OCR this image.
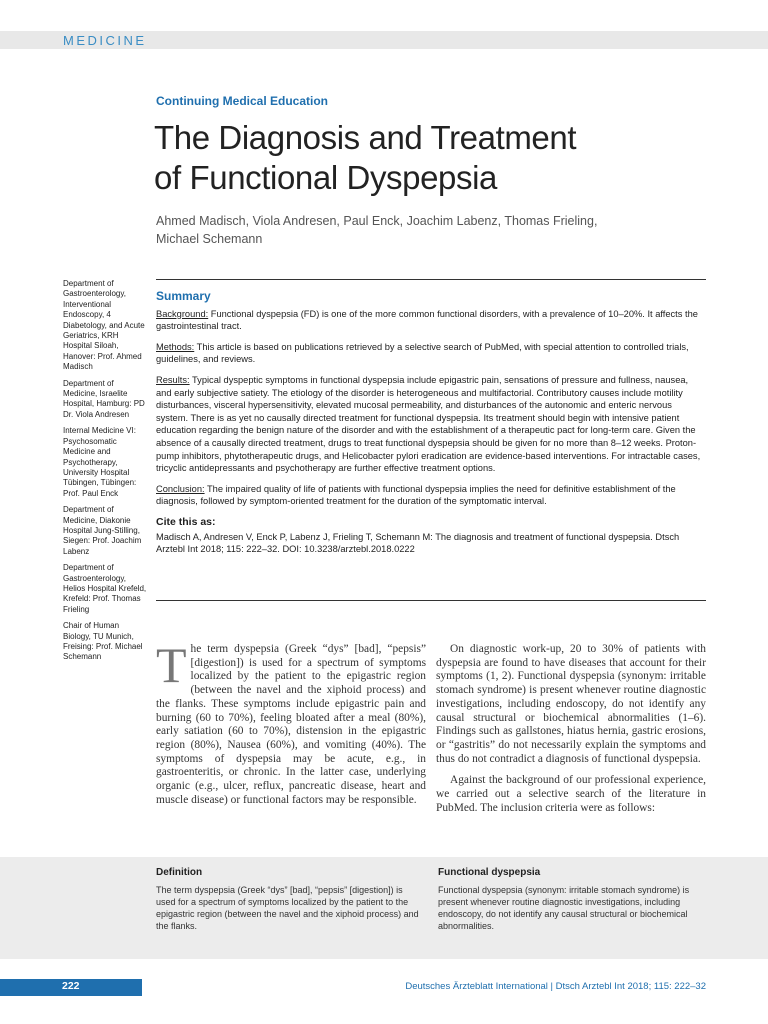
MEDICINE
Continuing Medical Education
The Diagnosis and Treatment
of Functional Dyspepsia
Ahmed Madisch, Viola Andresen, Paul Enck, Joachim Labenz, Thomas Frieling,
Michael Schemann

Department of Gastroenterology, Interventional Endoscopy, 4 Diabetology, and Acute Geriatrics, KRH Hospital Siloah, Hanover: Prof. Ahmed Madisch

Department of Medicine, Israelite Hospital, Hamburg: PD Dr. Viola Andresen

Internal Medicine VI: Psychosomatic Medicine and Psychotherapy, University Hospital Tübingen, Tübingen: Prof. Paul Enck

Department of Medicine, Diakonie Hospital Jung-Stilling, Siegen: Prof. Joachim Labenz

Department of Gastroenterology, Helios Hospital Krefeld, Krefeld: Prof. Thomas Frieling

Chair of Human Biology, TU Munich, Freising: Prof. Michael Schemann

Summary

Background: Functional dyspepsia (FD) is one of the more common functional disorders, with a prevalence of 10–20%. It affects the gastrointestinal tract.

Methods: This article is based on publications retrieved by a selective search of PubMed, with special attention to controlled trials, guidelines, and reviews.

Results: Typical dyspeptic symptoms in functional dyspepsia include epigastric pain, sensations of pressure and fullness, nausea, and early subjective satiety. The etiology of the disorder is heterogeneous and multifactorial. Contributory causes include motility disturbances, visceral hypersensitivity, elevated mucosal permeability, and disturbances of the autonomic and enteric nervous system. There is as yet no causally directed treatment for functional dyspepsia. Its treatment should begin with intensive patient education regarding the benign nature of the disorder and with the establishment of a therapeutic pact for long-term care. Given the absence of a causally directed treatment, drugs to treat functional dyspepsia should be given for no more than 8–12 weeks. Proton-pump inhibitors, phytotherapeutic drugs, and Helicobacter pylori eradication are evidence-based interventions. For intractable cases, tricyclic antidepressants and psychotherapy are further effective treatment options.

Conclusion: The impaired quality of life of patients with functional dyspepsia implies the need for definitive establishment of the diagnosis, followed by symptom-oriented treatment for the duration of the symptomatic interval.

Cite this as:

Madisch A, Andresen V, Enck P, Labenz J, Frieling T, Schemann M: The diagnosis and treatment of functional dyspepsia. Dtsch Arztebl Int 2018; 115: 222–32. DOI: 10.3238/arztebl.2018.0222

The term dyspepsia (Greek “dys” [bad], “pepsis” [digestion]) is used for a spectrum of symptoms localized by the patient to the epigastric region (between the navel and the xiphoid process) and the flanks. These symptoms include epigastric pain and burning (60 to 70%), feeling bloated after a meal (80%), early satiation (60 to 70%), distension in the epigastric region (80%), Nausea (60%), and vomiting (40%). The symptoms of dyspepsia may be acute, e.g., in gastroenteritis, or chronic. In the latter case, underlying organic (e.g., ulcer, reflux, pancreatic disease, heart and muscle disease) or functional factors may be responsible.

On diagnostic work-up, 20 to 30% of patients with dyspepsia are found to have diseases that account for their symptoms (1, 2). Functional dyspepsia (synonym: irritable stomach syndrome) is present whenever routine diagnostic investigations, including endoscopy, do not identify any causal structural or biochemical abnormalities (1–6). Findings such as gallstones, hiatus hernia, gastric erosions, or “gastritis” do not necessarily explain the symptoms and thus do not contradict a diagnosis of functional dyspepsia.

Against the background of our professional experience, we carried out a selective search of the literature in PubMed. The inclusion criteria were as follows:

Definition
The term dyspepsia (Greek “dys” [bad], “pepsis” [digestion]) is used for a spectrum of symptoms localized by the patient to the epigastric region (between the navel and the xiphoid process) and the flanks.
Functional dyspepsia
Functional dyspepsia (synonym: irritable stomach syndrome) is present whenever routine diagnostic investigations, including endoscopy, do not identify any causal structural or biochemical abnormalities.
222	Deutsches Ärzteblatt International | Dtsch Arztebl Int 2018; 115: 222–32
